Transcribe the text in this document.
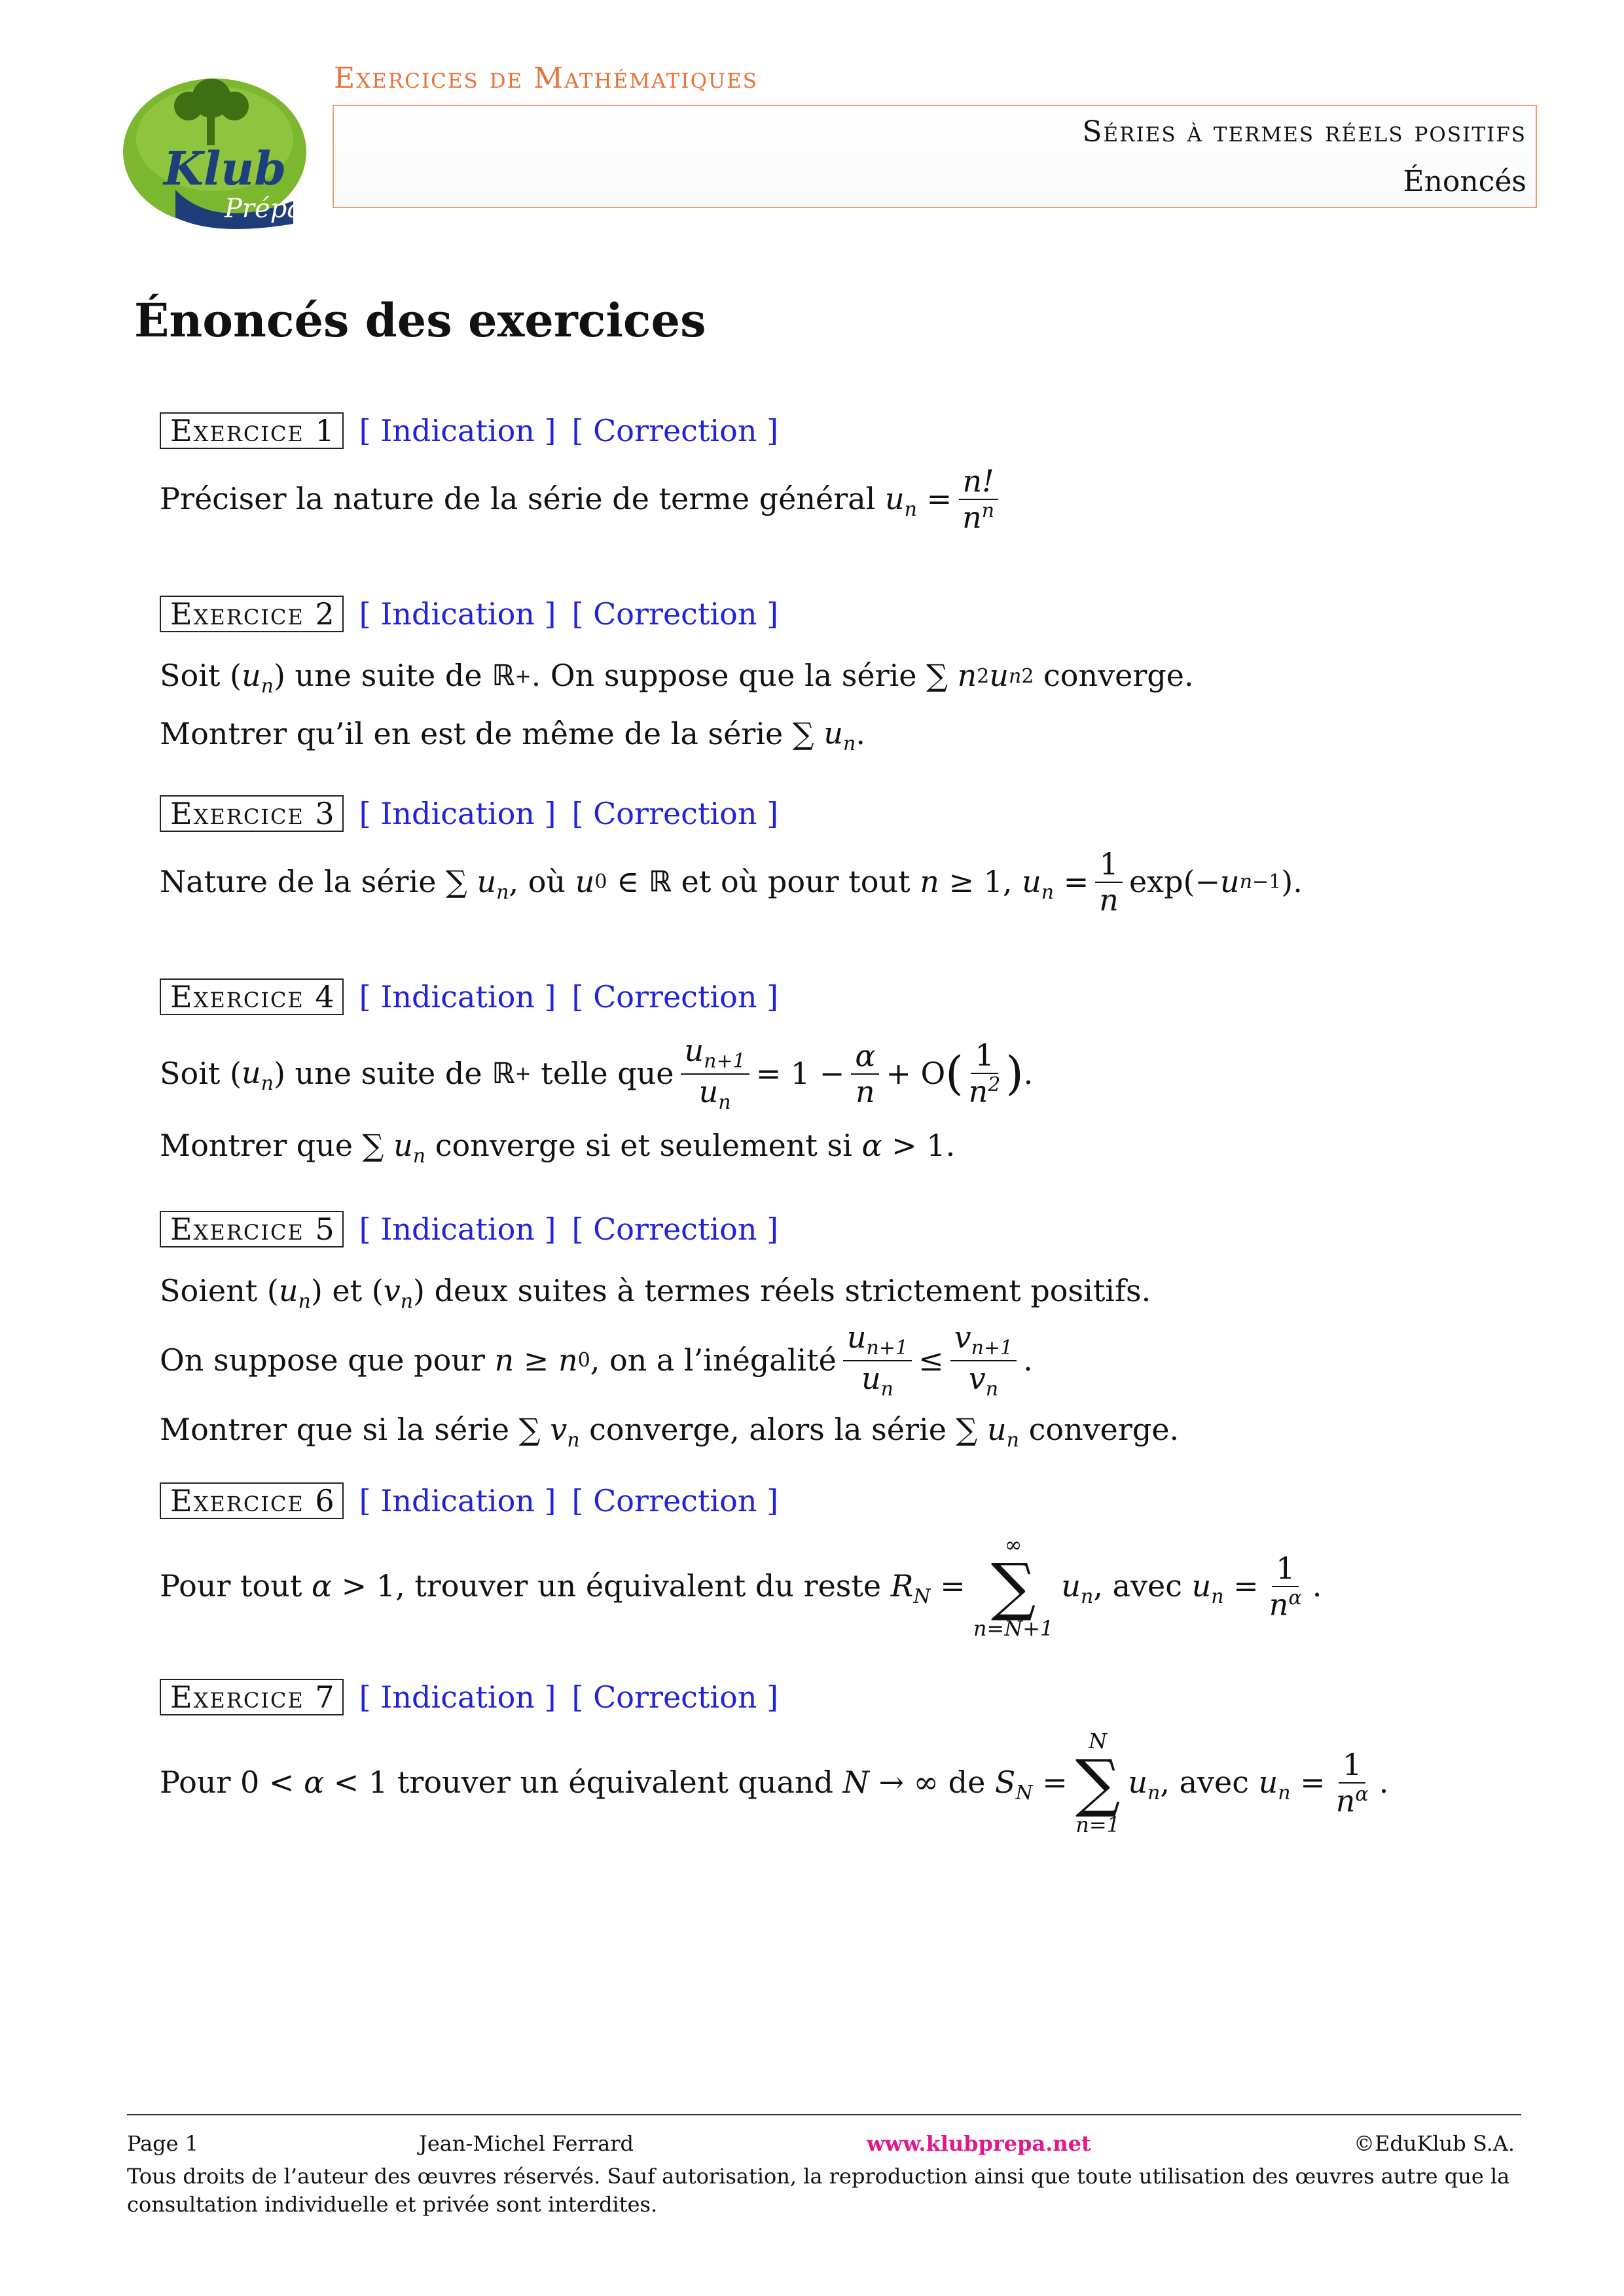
Klub
Prépa
Exercices de Mathématiques
Séries à termes réels positifs
Énoncés
Énoncés des exercices
Exercice 1 [ Indication ] [ Correction ]
Préciser la nature de la série de terme général
$u_n = \frac{n!}{n^n}$
Exercice 2 [ Indication ] [ Correction ]
Soit ( $u_n$ ) une suite de
ℝ + . On suppose que la série ∑ n 2 u n 2
converge.
Montrer qu’il en est de même de la série ∑ $u_n$ .
Exercice 3 [ Indication ] [ Correction ]
Nature de la série ∑ $u_n$ , où
u 0 ∈ ℝ
et où pour tout
n ≥ 1, $u_n = \frac{1}{n} \exp(- u$ n−1 ).
Exercice 4 [ Indication ] [ Correction ]
Soit ( $u_n$ ) une suite de
ℝ +
telle que $\frac{u_{n+1}}{u_n} = 1 - \frac{\alpha}{n} + O$ ( $\frac{1}{n^2}$ ) .
Montrer que ∑ $u_n$
converge si et seulement si
α > 1.
Exercice 5 [ Indication ] [ Correction ]
Soient ( $u_n$ ) et ( $v_n$ ) deux suites à termes réels strictement positifs.
On suppose que pour
n ≥ n 0 , on a l’inégalité $\frac{u_{n+1}}{u_n} \le \frac{v_{n+1}}{v_n}$ .
Montrer que si la série ∑ $v_n$
converge, alors la série ∑ $u_n$
converge.
Exercice 6 [ Indication ] [ Correction ]
Pour tout
α > 1 , trouver un équivalent du reste
$R_N$ =
∞
∑
n=N+1
$u_n$ , avec
$u_n = \frac{1}{n^\alpha}$ .
Exercice 7 [ Indication ] [ Correction ]
Pour 0 < α < 1 trouver un équivalent quand
N → ∞ de
$S_N$ =
N
∑
n=1
$u_n$ , avec
$u_n = \frac{1}{n^\alpha}$ .
Page 1	Jean-Michel Ferrard	www.klubprepa.net	©EduKlub S.A.
Tous droits de l’auteur des œuvres réservés. Sauf autorisation, la reproduction ainsi que toute utilisation des œuvres autre que la consultation individuelle et privée sont interdites.
